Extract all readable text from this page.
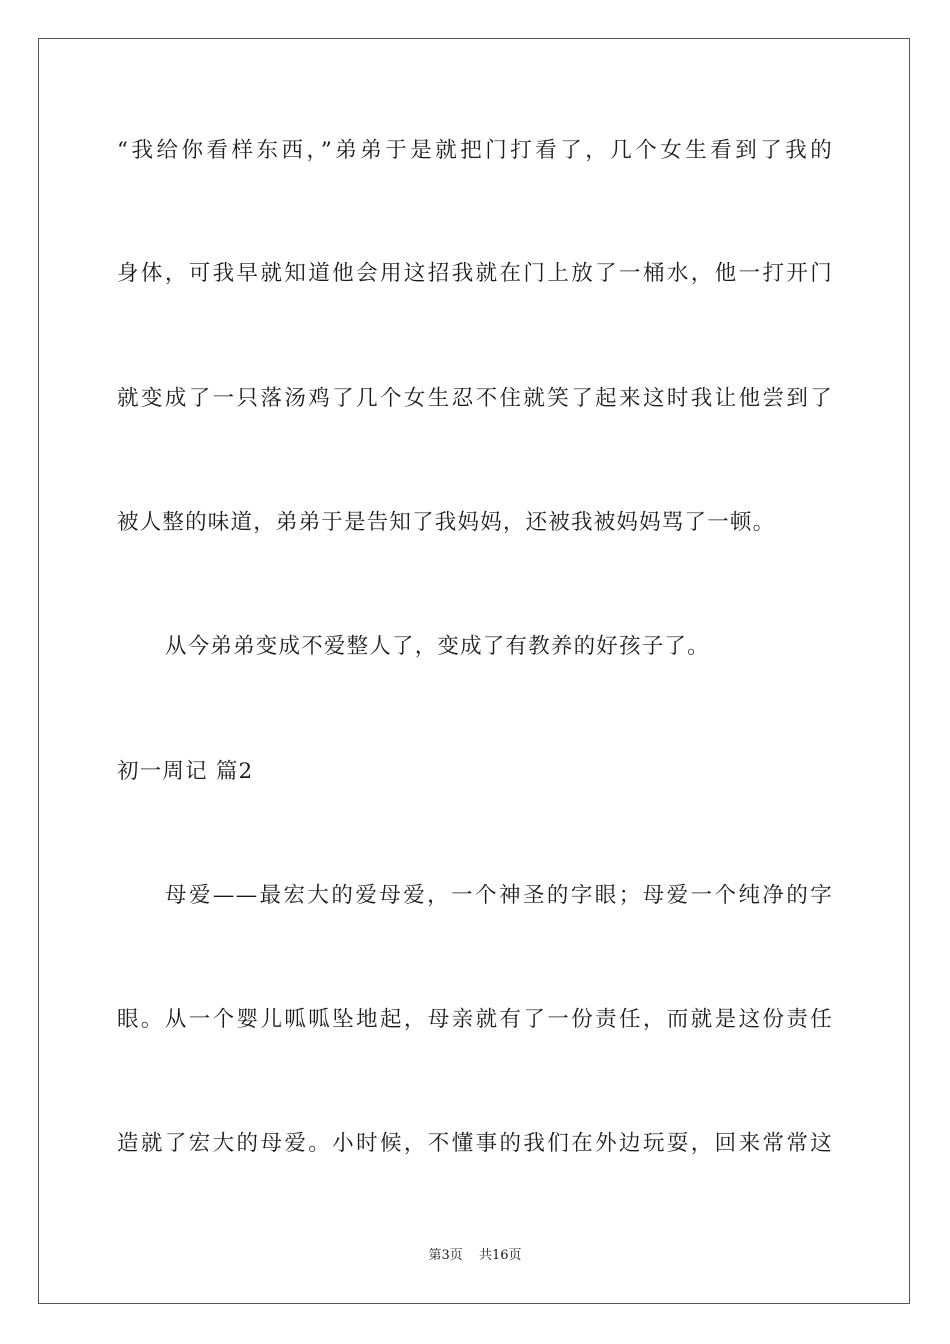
“我给你看样东西，”弟弟于是就把门打看了，几个女生看到了我的
身体，可我早就知道他会用这招我就在门上放了一桶水，他一打开门
就变成了一只落汤鸡了几个女生忍不住就笑了起来这时我让他尝到了
被人整的味道，弟弟于是告知了我妈妈，还被我被妈妈骂了一顿。
从今弟弟变成不爱整人了，变成了有教养的好孩子了。
初一周记 篇2
母爱——最宏大的爱母爱，一个神圣的字眼；母爱一个纯净的字
眼。从一个婴儿呱呱坠地起，母亲就有了一份责任，而就是这份责任
造就了宏大的母爱。小时候，不懂事的我们在外边玩耍，回来常常这
第3页 共16页
